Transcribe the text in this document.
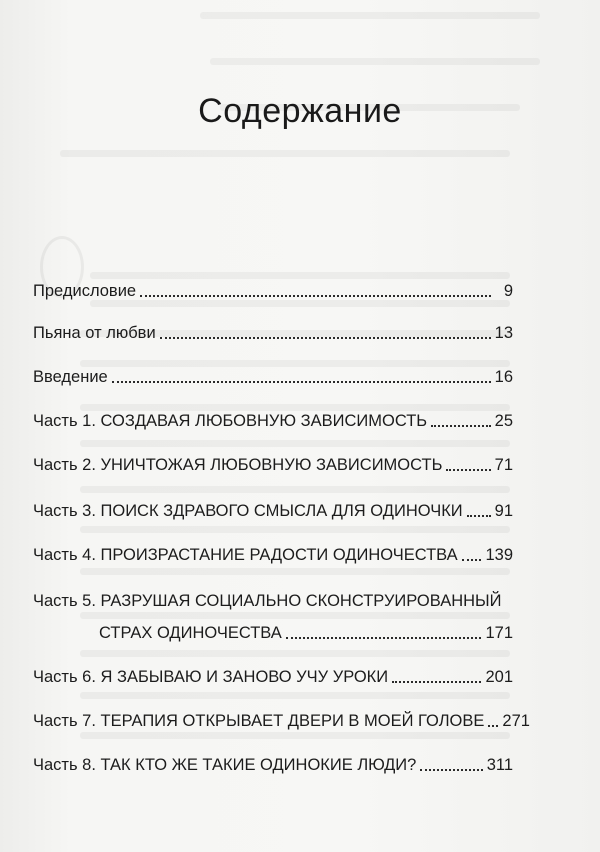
Содержание
Предисловие	9
Пьяна от любви	13
Введение	16
Часть 1. СОЗДАВАЯ ЛЮБОВНУЮ ЗАВИСИМОСТЬ	25
Часть 2. УНИЧТОЖАЯ ЛЮБОВНУЮ ЗАВИСИМОСТЬ	71
Часть 3. ПОИСК ЗДРАВОГО СМЫСЛА ДЛЯ ОДИНОЧКИ 91
Часть 4. ПРОИЗРАСТАНИЕ РАДОСТИ ОДИНОЧЕСТВА 139
Часть 5. РАЗРУШАЯ СОЦИАЛЬНО СКОНСТРУИРОВАННЫЙ
СТРАХ ОДИНОЧЕСТВА	171
Часть 6. Я ЗАБЫВАЮ И ЗАНОВО УЧУ УРОКИ	201
Часть 7. ТЕРАПИЯ ОТКРЫВАЕТ ДВЕРИ В МОЕЙ ГОЛОВЕ 271
Часть 8. ТАК КТО ЖЕ ТАКИЕ ОДИНОКИЕ ЛЮДИ?	311
